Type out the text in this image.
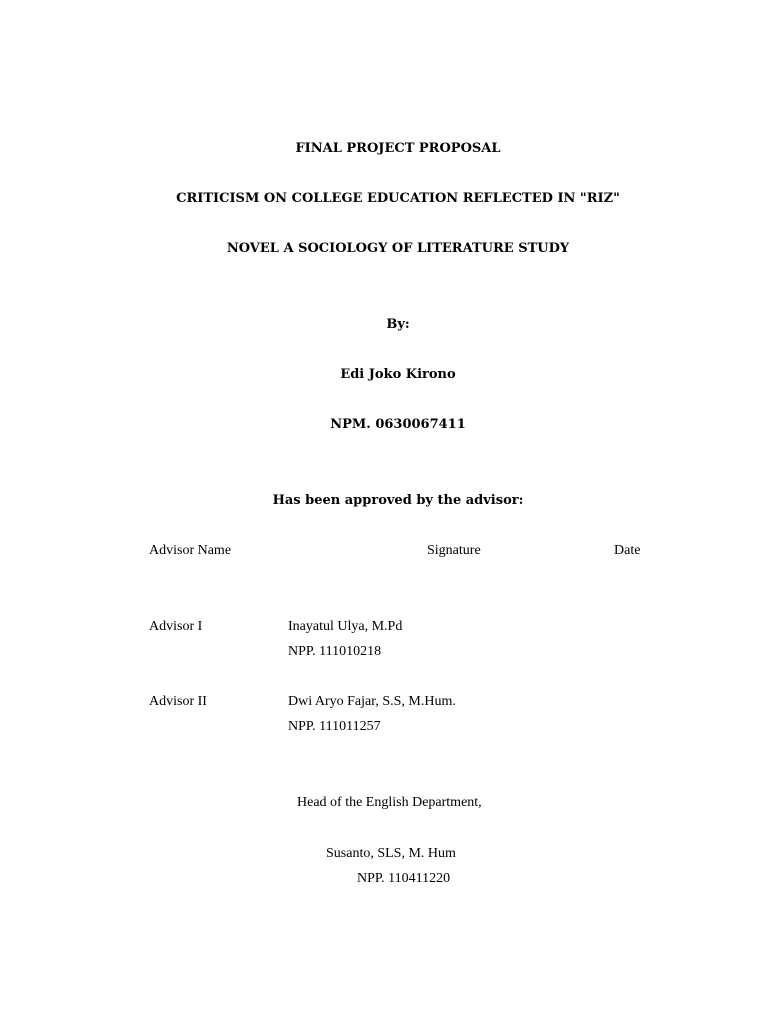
FINAL PROJECT PROPOSAL
CRITICISM ON COLLEGE EDUCATION REFLECTED IN "RIZ"
NOVEL A SOCIOLOGY OF LITERATURE STUDY
By:
Edi Joko Kirono
NPM. 0630067411
Has been approved by the advisor:
Advisor Name	Signature	Date
Advisor I	Inayatul Ulya, M.Pd
NPP. 111010218
Advisor II	Dwi Aryo Fajar, S.S, M.Hum.
NPP. 111011257
Head of the English Department,
Susanto, SLS, M. Hum
NPP. 110411220
